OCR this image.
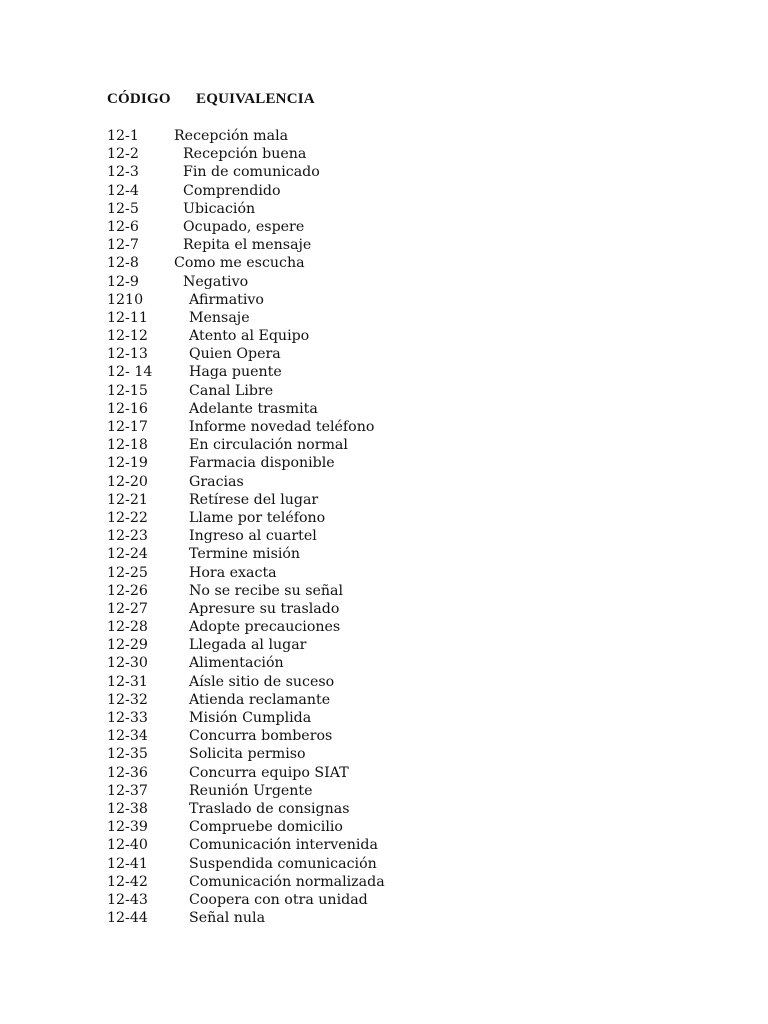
CÓDIGO EQUIVALENCIA
12-1 Recepción mala
12-2	Recepción buena
12-3	Fin de comunicado
12-4	Comprendido
12-5	Ubicación
12-6	Ocupado, espere
12-7	Repita el mensaje
12-8 Como me escucha
12-9	Negativo
1210	Afirmativo
12-11	Mensaje
12-12	Atento al Equipo
12-13	Quien Opera
12- 14	Haga puente
12-15	Canal Libre
12-16	Adelante trasmita
12-17	Informe novedad teléfono
12-18	En circulación normal
12-19	Farmacia disponible
12-20	Gracias
12-21	Retírese del lugar
12-22	Llame por teléfono
12-23	Ingreso al cuartel
12-24	Termine misión
12-25	Hora exacta
12-26	No se recibe su señal
12-27	Apresure su traslado
12-28	Adopte precauciones
12-29	Llegada al lugar
12-30	Alimentación
12-31	Aísle sitio de suceso
12-32	Atienda reclamante
12-33	Misión Cumplida
12-34	Concurra bomberos
12-35	Solicita permiso
12-36	Concurra equipo SIAT
12-37	Reunión Urgente
12-38	Traslado de consignas
12-39	Compruebe domicilio
12-40	Comunicación intervenida
12-41	Suspendida comunicación
12-42	Comunicación normalizada
12-43	Coopera con otra unidad
12-44	Señal nula
